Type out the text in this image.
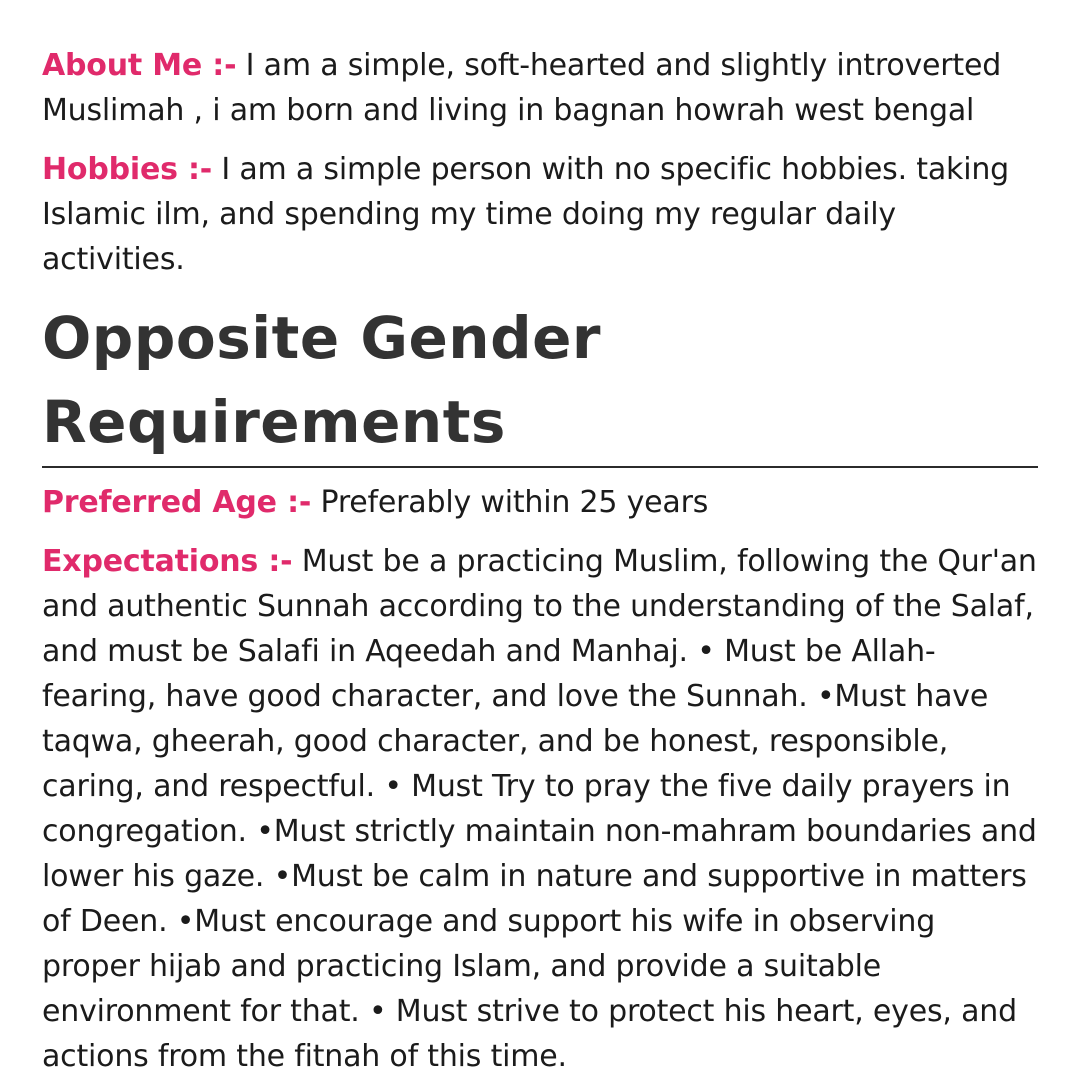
About Me :- I am a simple, soft-hearted and slightly introverted Muslimah , i am born and living in bagnan howrah west bengal

Hobbies :- I am a simple person with no specific hobbies. taking Islamic ilm, and spending my time doing my regular daily activities.

Opposite Gender Requirements

Preferred Age :- Preferably within 25 years

Expectations :- Must be a practicing Muslim, following the Qur'an and authentic Sunnah according to the understanding of the Salaf, and must be Salafi in Aqeedah and Manhaj. • Must be Allah-fearing, have good character, and love the Sunnah. •Must have taqwa, gheerah, good character, and be honest, responsible, caring, and respectful. • Must Try to pray the five daily prayers in congregation. •Must strictly maintain non-mahram boundaries and lower his gaze. •Must be calm in nature and supportive in matters of Deen. •Must encourage and support his wife in observing proper hijab and practicing Islam, and provide a suitable environment for that. • Must strive to protect his heart, eyes, and actions from the fitnah of this time.
